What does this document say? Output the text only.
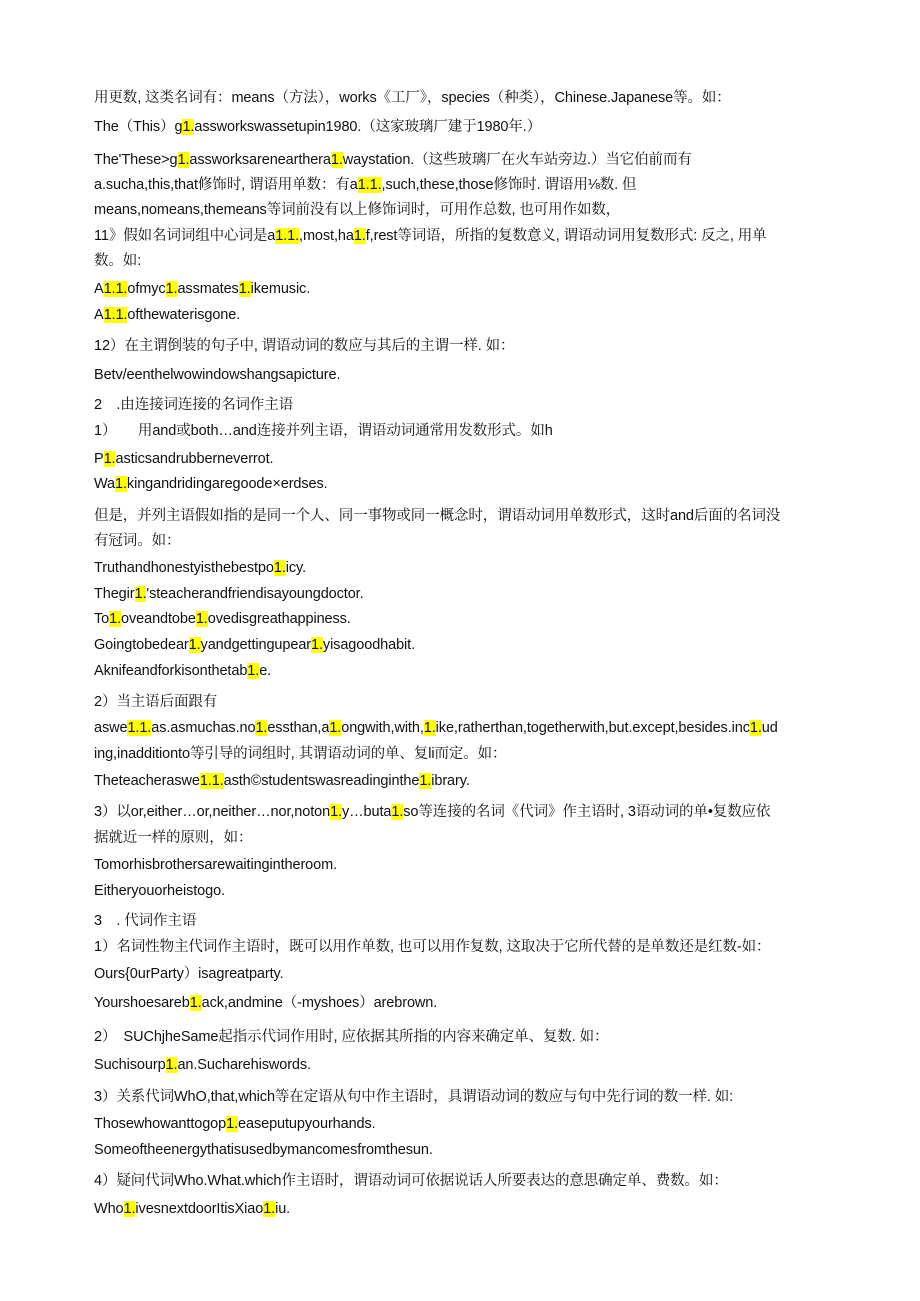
用更数, 这类名词有：means（方法），works《工厂》，species（种类），Chinese.Japanese等。如：
The（This）g1.assworkswassetupin1980.（这家玻璃厂建于1980年.）
The'These>g1.assworksarenearthera1.waystation.（这些玻璃厂在火车站旁边.）当它伯前而有
a.sucha,this,that修饰时, 谓语用单数：有a1.1.,such,these,those修饰时. 谓语用⅛数. 但
means,nomeans,themeans等词前没有以上修饰词时，可用作总数, 也可用作如数，
11》假如名词词组中心词是a1.1.,most,ha1.f,rest等词语，所指的复数意义, 谓语动词用复数形式: 反之, 用单
数。如:
A1.1.ofmyc1.assmates1.ikemusic.
A1.1.ofthewaterisgone.
12）在主谓倒装的句子中, 谓语动词的数应与其后的主谓一样. 如：
Betv/eenthelwowindowshangsapicture.
2　.由连接词连接的名词作主语
1）　　用and或both…and连接并列主语，谓语动词通常用发数形式。如h
P1.asticsandrubberneverrot.
Wa1.kingandridingaregoode×erdses.
但是，并列主语假如指的是同一个人、同一事物或同一概念时，谓语动词用单数形式，这时and后面的名词没
有冠词。如：
Truthandhonestyisthebestpo1.icy.
Thegir1.'steacherandfriendisayoungdoctor.
To1.oveandtobe1.ovedisgreathappiness.
Goingtobedear1.yandgettingupear1.yisagoodhabit.
Aknifeandforkisonthetab1.e.
2）当主语后面跟有
aswe1.1.as.asmuchas.no1.essthan,a1.ongwith,with,1.ike,ratherthan,togetherwith,but.except,besides.inc1.ud
ing,inadditionto等引导的词组时, 其谓语动词的单、复li而定。如：
Theteacheraswe1.1.asth©studentswasreadinginthe1.ibrary.
3）以or,either…or,neither…nor,noton1.y…buta1.so等连接的名词《代词》作主语时, 3语动词的单•复数应依
据就近一样的原则，如：
Tomorhisbrothersarewaitingintheroom.
Eitheryouorheistogo.
3　. 代词作主语
1）名词性物主代词作主语时，既可以用作单数, 也可以用作复数, 这取决于它所代替的是单数还是红数-如：
Ours{0urParty）isagreatparty.
Yourshoesareb1.ack,andmine（-myshoes）arebrown.
2）　SUChjheSame起指示代词作用时, 应依据其所指的内容来确定单、复数. 如：
Suchisourp1.an.Sucharehiswords.
3）关系代词WhO,that,which等在定语从句中作主语时，具谓语动词的数应与句中先行词的数一样. 如:
Thosewhowanttogop1.easeputupyourhands.
Someoftheenergythatisusedbymancomesfromthesun.
4）疑问代词Who.What.which作主语时，谓语动词可依据说话人所要表达的意思确定单、费数。如：
Who1.ivesnextdoorItisXiao1.iu.
